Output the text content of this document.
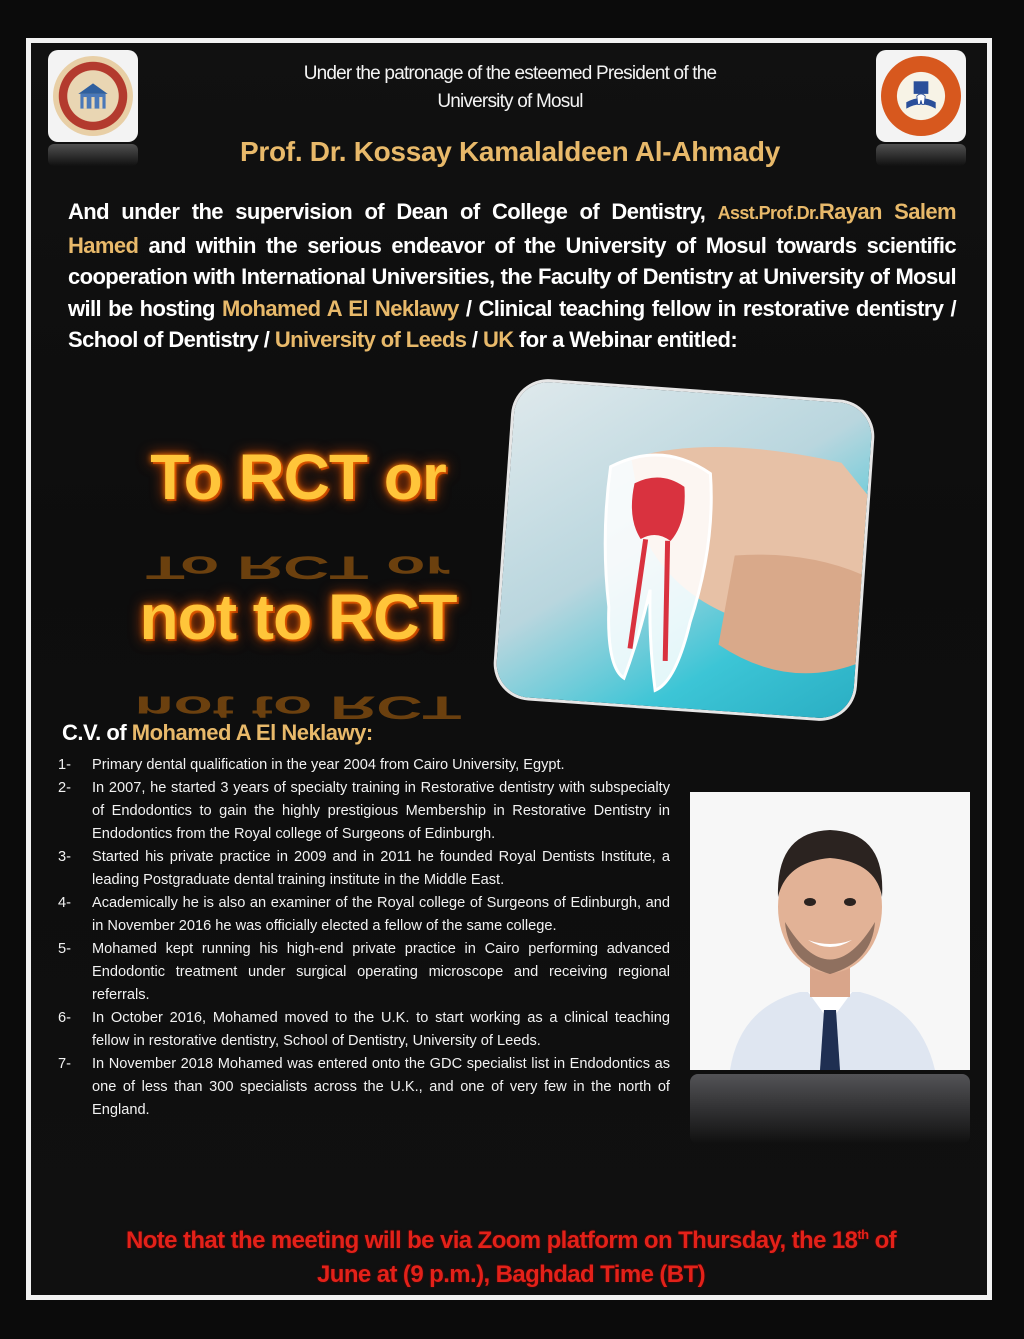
Under the patronage of the esteemed President of the
University of Mosul
Prof. Dr. Kossay Kamalaldeen Al-Ahmady
And under the supervision of Dean of College of Dentistry, Asst.Prof.Dr.Rayan Salem Hamed and within the serious endeavor of the University of Mosul towards scientific cooperation with International Universities, the Faculty of Dentistry at University of Mosul will be hosting Mohamed A El Neklawy / Clinical teaching fellow in restorative dentistry / School of Dentistry / University of Leeds / UK for a Webinar entitled:
To RCT or
not to RCT
C.V. of Mohamed A El Neklawy:
1-	Primary dental qualification in the year 2004 from Cairo University, Egypt.
2-	In 2007, he started 3 years of specialty training in Restorative dentistry with subspecialty of Endodontics to gain the highly prestigious Membership in Restorative Dentistry in Endodontics from the Royal college of Surgeons of Edinburgh.
3-	Started his private practice in 2009 and in 2011 he founded Royal Dentists Institute, a leading Postgraduate dental training institute in the Middle East.
4-	Academically he is also an examiner of the Royal college of Surgeons of Edinburgh, and in November 2016 he was officially elected a fellow of the same college.
5-	Mohamed kept running his high-end private practice in Cairo performing advanced Endodontic treatment under surgical operating microscope and receiving regional referrals.
6-	In October 2016, Mohamed moved to the U.K. to start working as a clinical teaching fellow in restorative dentistry, School of Dentistry, University of Leeds.
7-	In November 2018 Mohamed was entered onto the GDC specialist list in Endodontics as one of less than 300 specialists across the U.K., and one of very few in the north of England.
Note that the meeting will be via Zoom platform on Thursday, the 18th of
June at (9 p.m.), Baghdad Time (BT)
